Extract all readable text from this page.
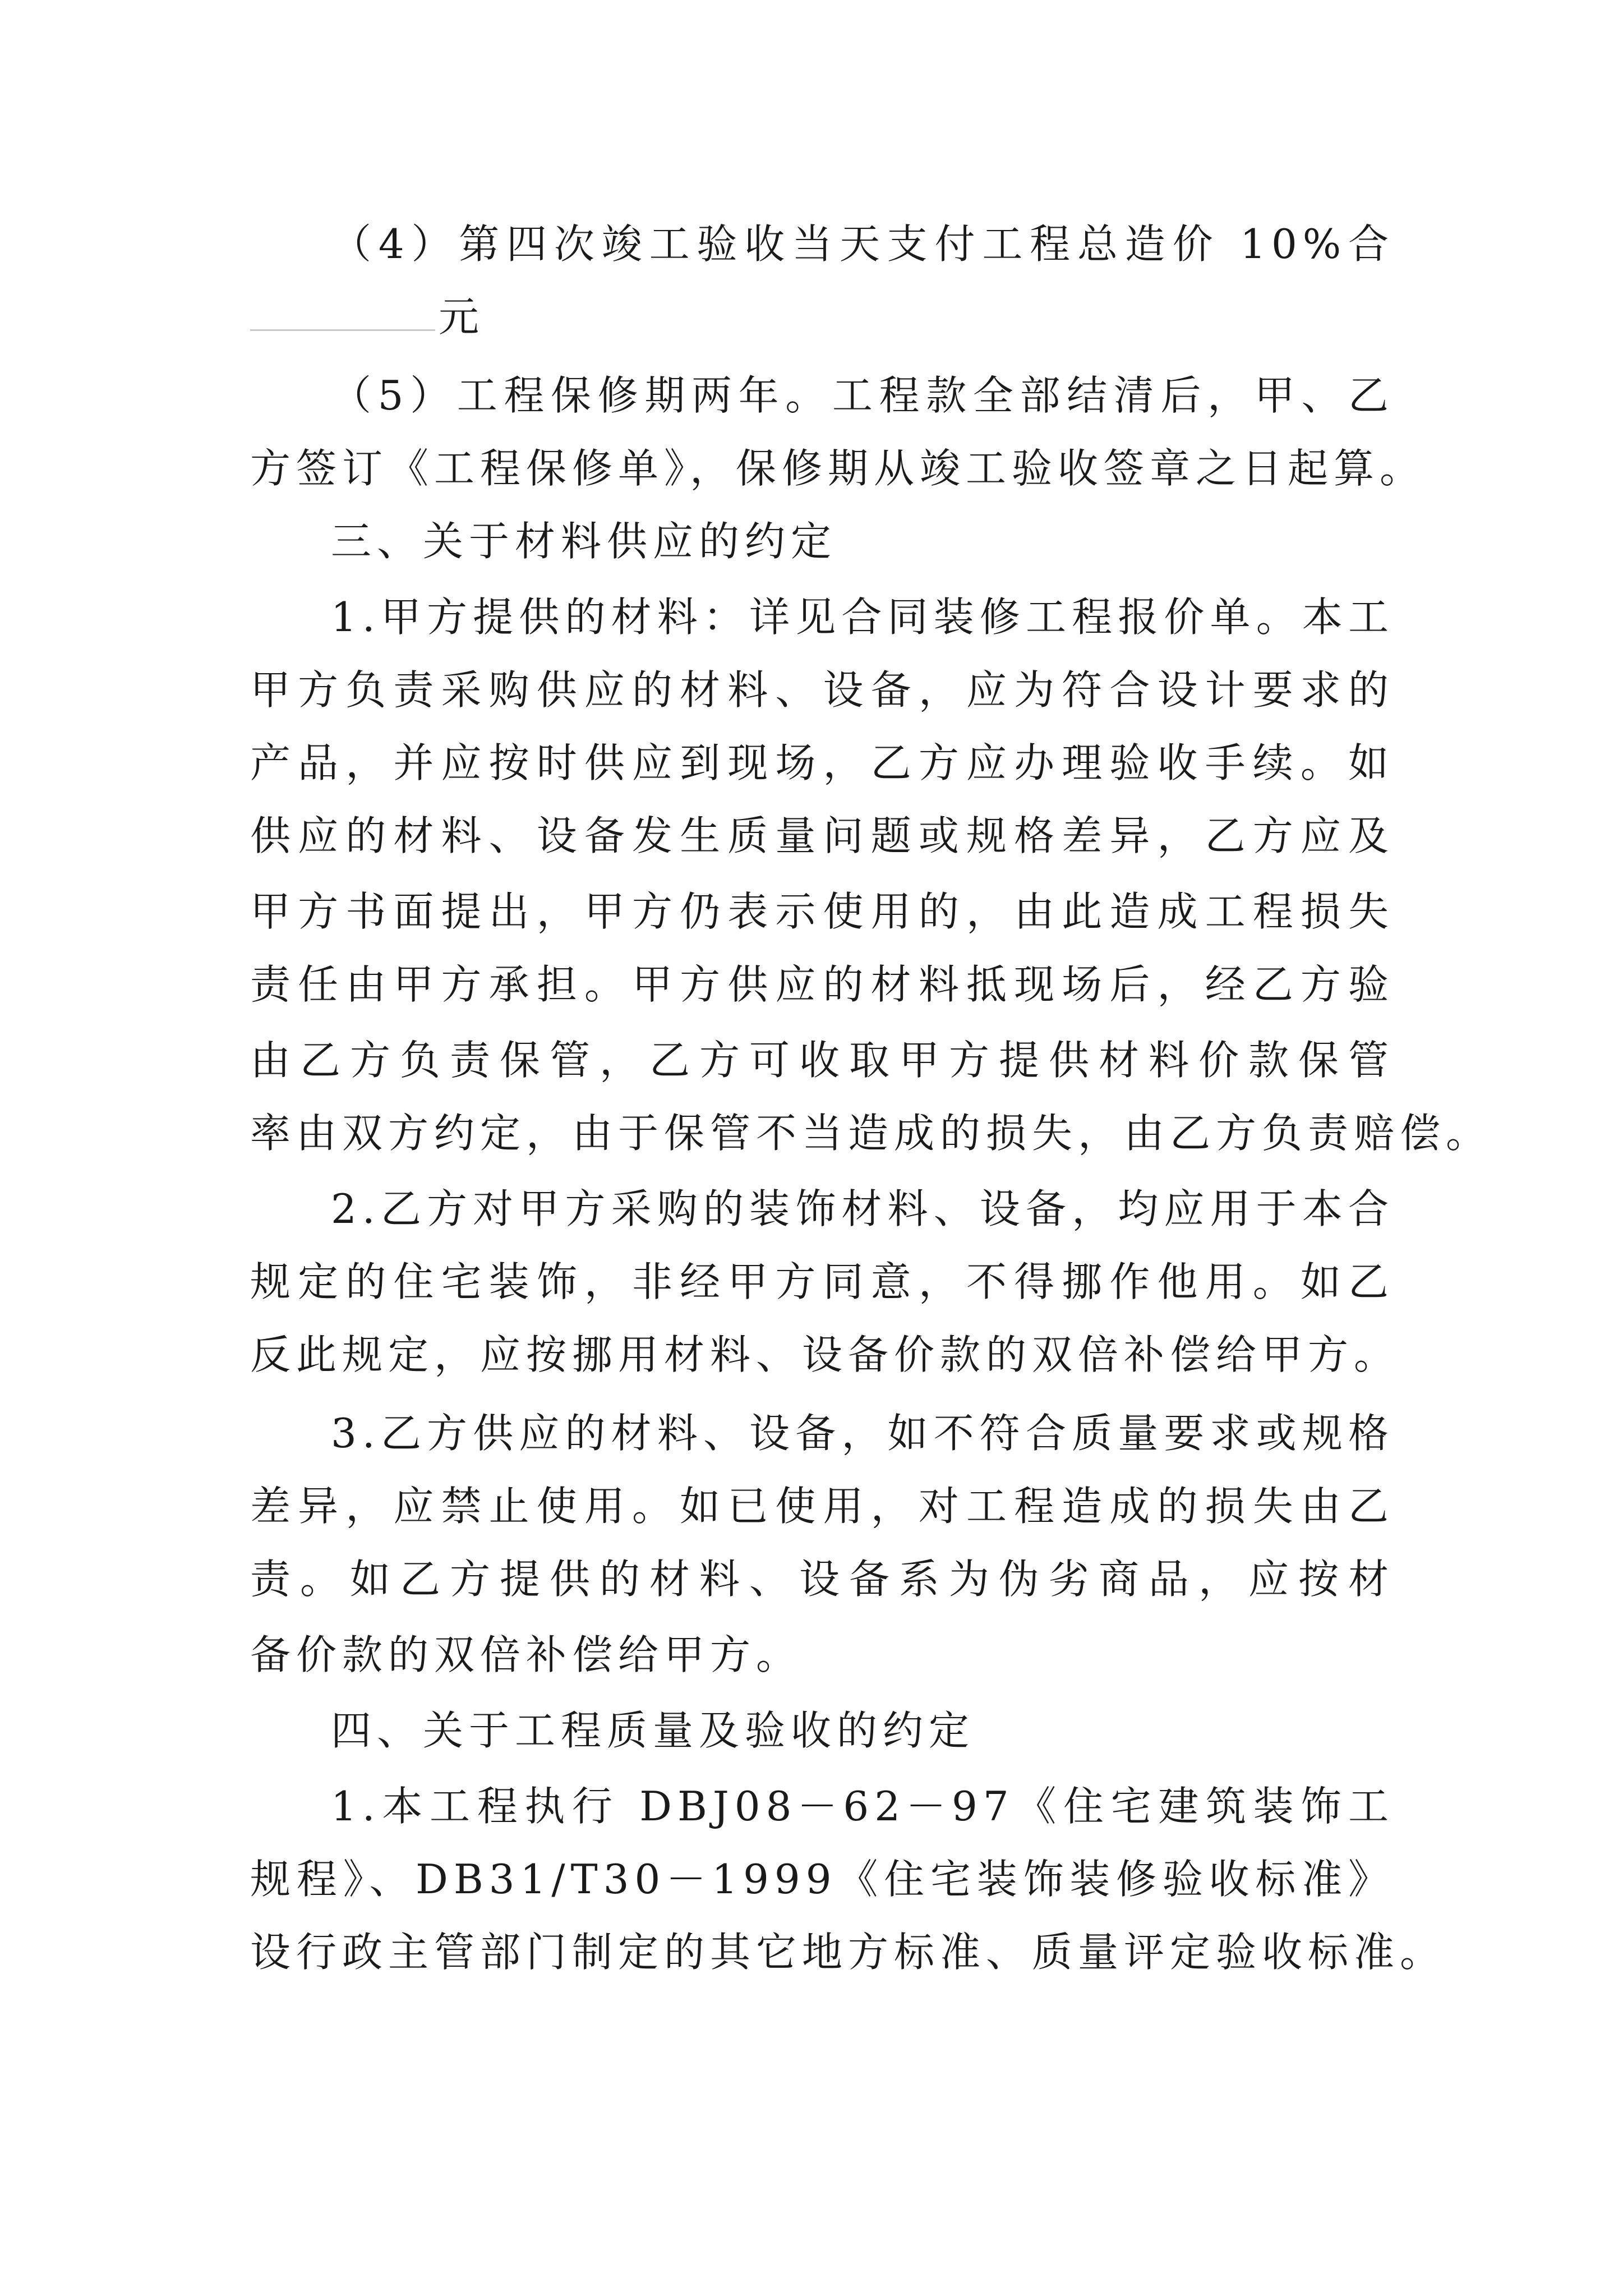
（4）第四次竣工验收当天支付工程总造价 10%合
元
（5）工程保修期两年。工程款全部结清后，甲、乙
方签订《工程保修单》，保修期从竣工验收签章之日起算。
三、关于材料供应的约定
1.甲方提供的材料：详见合同装修工程报价单。本工
甲方负责采购供应的材料、设备，应为符合设计要求的
产品，并应按时供应到现场，乙方应办理验收手续。如
供应的材料、设备发生质量问题或规格差异，乙方应及
甲方书面提出，甲方仍表示使用的，由此造成工程损失
责任由甲方承担。甲方供应的材料抵现场后，经乙方验
由乙方负责保管，乙方可收取甲方提供材料价款保管
率由双方约定，由于保管不当造成的损失，由乙方负责赔偿。
2.乙方对甲方采购的装饰材料、设备，均应用于本合
规定的住宅装饰，非经甲方同意，不得挪作他用。如乙
反此规定，应按挪用材料、设备价款的双倍补偿给甲方。
3.乙方供应的材料、设备，如不符合质量要求或规格
差异，应禁止使用。如已使用，对工程造成的损失由乙
责。如乙方提供的材料、设备系为伪劣商品，应按材
备价款的双倍补偿给甲方。
四、关于工程质量及验收的约定
1.本工程执行 DBJ08－62－97《住宅建筑装饰工
规程》、DB31/T30－1999《住宅装饰装修验收标准》
设行政主管部门制定的其它地方标准、质量评定验收标准。
